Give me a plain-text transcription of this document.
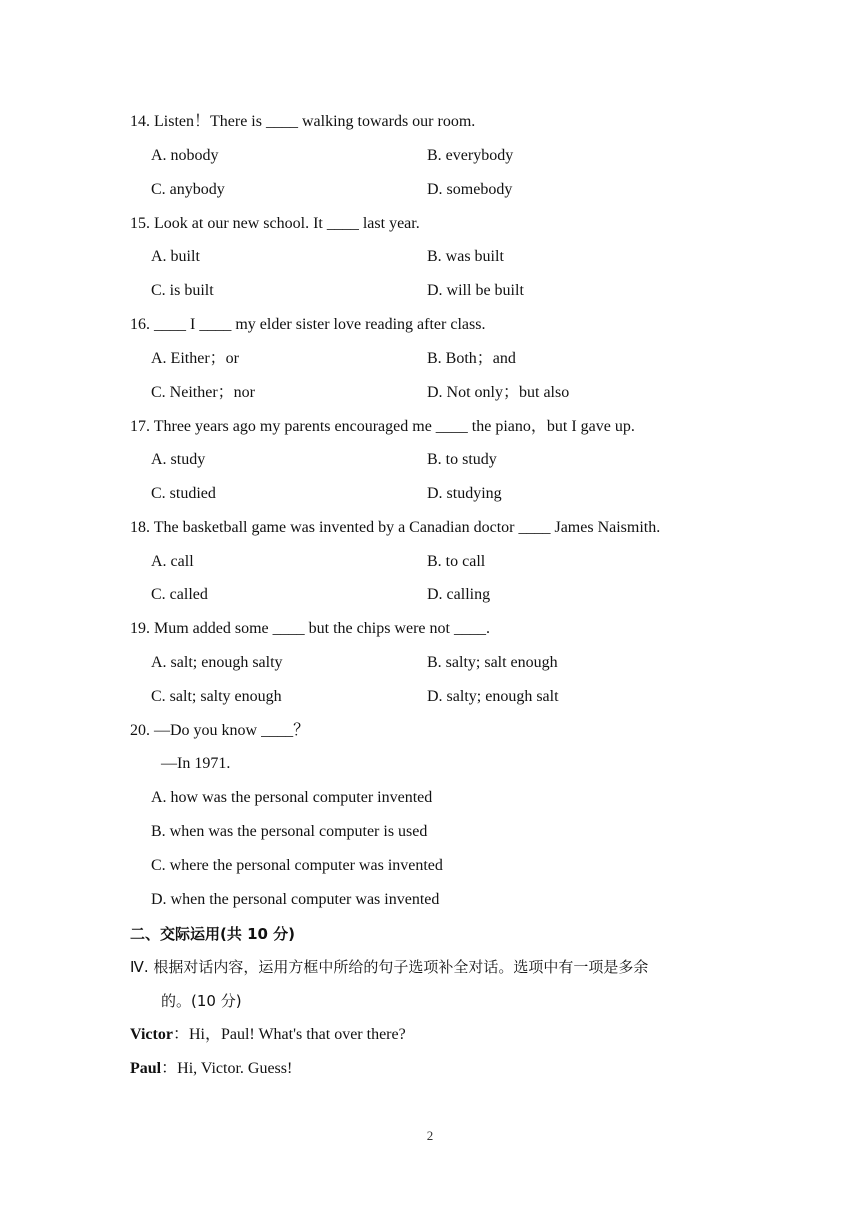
14. Listen！There is ____ walking towards our room.
A. nobody	B. everybody
C. anybody	D. somebody
15. Look at our new school. It ____ last year.
A. built	B. was built
C. is built	D. will be built
16. ____ I ____ my elder sister love reading after class.
A. Either；or	B. Both；and
C. Neither；nor	D. Not only；but also
17. Three years ago my parents encouraged me ____ the piano，but I gave up.
A. study	B. to study
C. studied	D. studying
18. The basketball game was invented by a Canadian doctor ____ James Naismith.
A. call	B. to call
C. called	D. calling
19. Mum added some ____ but the chips were not ____.
A. salt; enough salty	B. salty; salt enough
C. salt; salty enough	D. salty; enough salt
20. —Do you know ____？
—In 1971.
A. how was the personal computer invented
B. when was the personal computer is used
C. where the personal computer was invented
D. when the personal computer was invented
二、交际运用(共 10 分)
Ⅳ. 根据对话内容，运用方框中所给的句子选项补全对话。选项中有一项是多余
的。(10 分)
Victor：Hi，Paul! What's that over there?
Paul：Hi, Victor. Guess!
2
